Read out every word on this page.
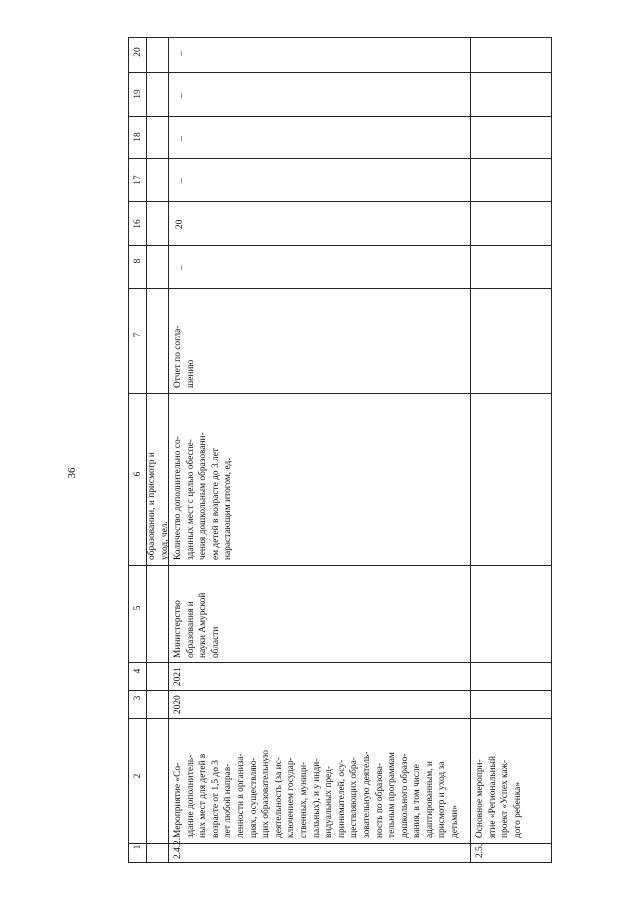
36
20
19
18
17
16
8
7
6
5
4
3
2
1
образовании, и присмотр и
уход, чел.
2.4.2.
Мероприятие «Со-
здание дополнитель-
ных мест для детей в
возрасте от 1,5 до 3
лет любой направ-
ленности в организа-
циях, осуществляю-
щих образовательную
деятельность (за ис-
ключением государ-
ственных, муници-
пальных), и у инди-
видуальных пред-
принимателей, осу-
ществляющих обра-
зовательную деятель-
ность по образова-
тельным программам
дошкольного образо-
вания, в том числе
адаптированным, и
присмотр и уход за
детьми»
2020
2021
Министерство
образования и
науки Амурской
области
Количество дополнительно со-
зданных мест с целью обеспе-
чения дошкольным образовани-
ем детей в возрасте до 3 лет
нарастающим итогом, ед.
Отчет по согла-
шению
–
20
–
–
–
–
2.5.
Основное меропри-
ятие «Региональный
проект «Успех каж-
дого ребенка»
